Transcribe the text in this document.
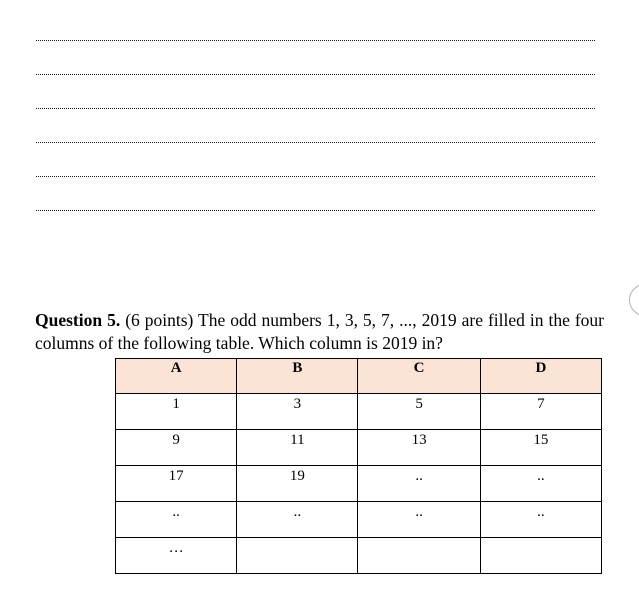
Question 5. (6 points) The odd numbers 1, 3, 5, 7, ..., 2019 are filled in the four columns of the following table. Which column is 2019 in?

A	B	C	D
1	3	5	7
9	11	13	15
17	19	..	..
..	..	..	..
…			
